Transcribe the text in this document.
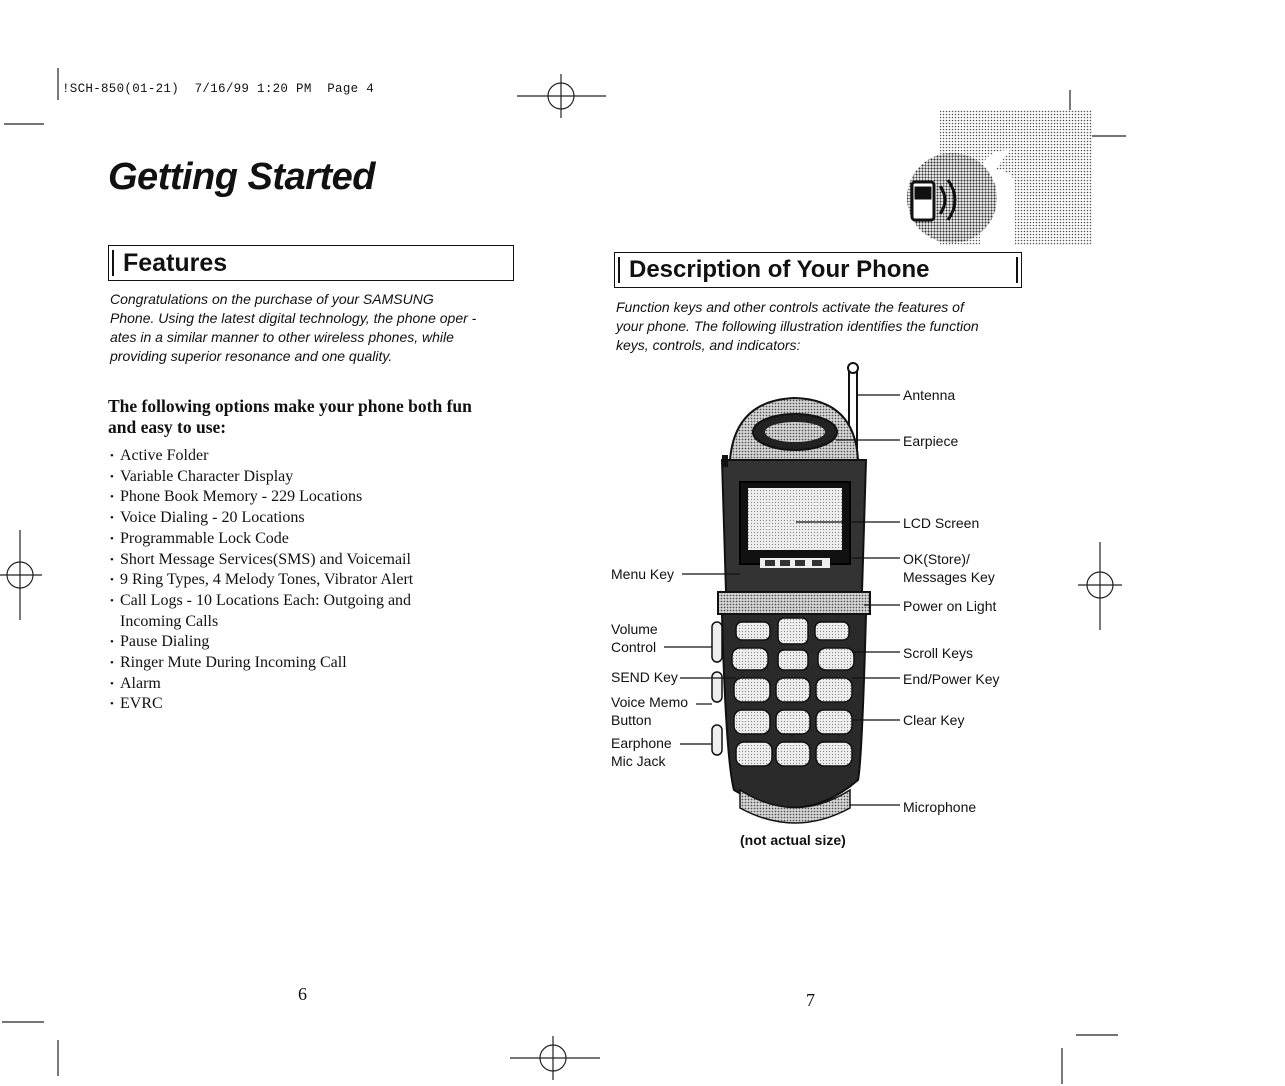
!SCH-850(01-21)  7/16/99 1:20 PM  Page 4
Getting Started
Features
Congratulations on the purchase of your SAMSUNG
Phone. Using the latest digital technology, the phone oper -
ates in a similar manner to other wireless phones, while
providing superior resonance and one quality.
The following options make your phone both fun
and easy to use:
• Active Folder
• Variable Character Display
• Phone Book Memory - 229 Locations
• Voice Dialing - 20 Locations
• Programmable Lock Code
• Short Message Services(SMS) and Voicemail
• 9 Ring Types, 4 Melody Tones, Vibrator Alert
• Call Logs - 10 Locations Each: Outgoing and Incoming Calls
• Pause Dialing
• Ringer Mute During Incoming Call
• Alarm
• EVRC
6
Description of Your Phone
Function keys and other controls activate the features of
your phone. The following illustration identifies the function
keys, controls, and indicators:
Antenna
Earpiece
LCD Screen
OK(Store)/
Messages Key
Power on Light
Scroll Keys
End/Power Key
Clear Key
Microphone
Menu Key
Volume
Control
SEND Key
Voice Memo
Button
Earphone
Mic Jack
(not actual size)
7
